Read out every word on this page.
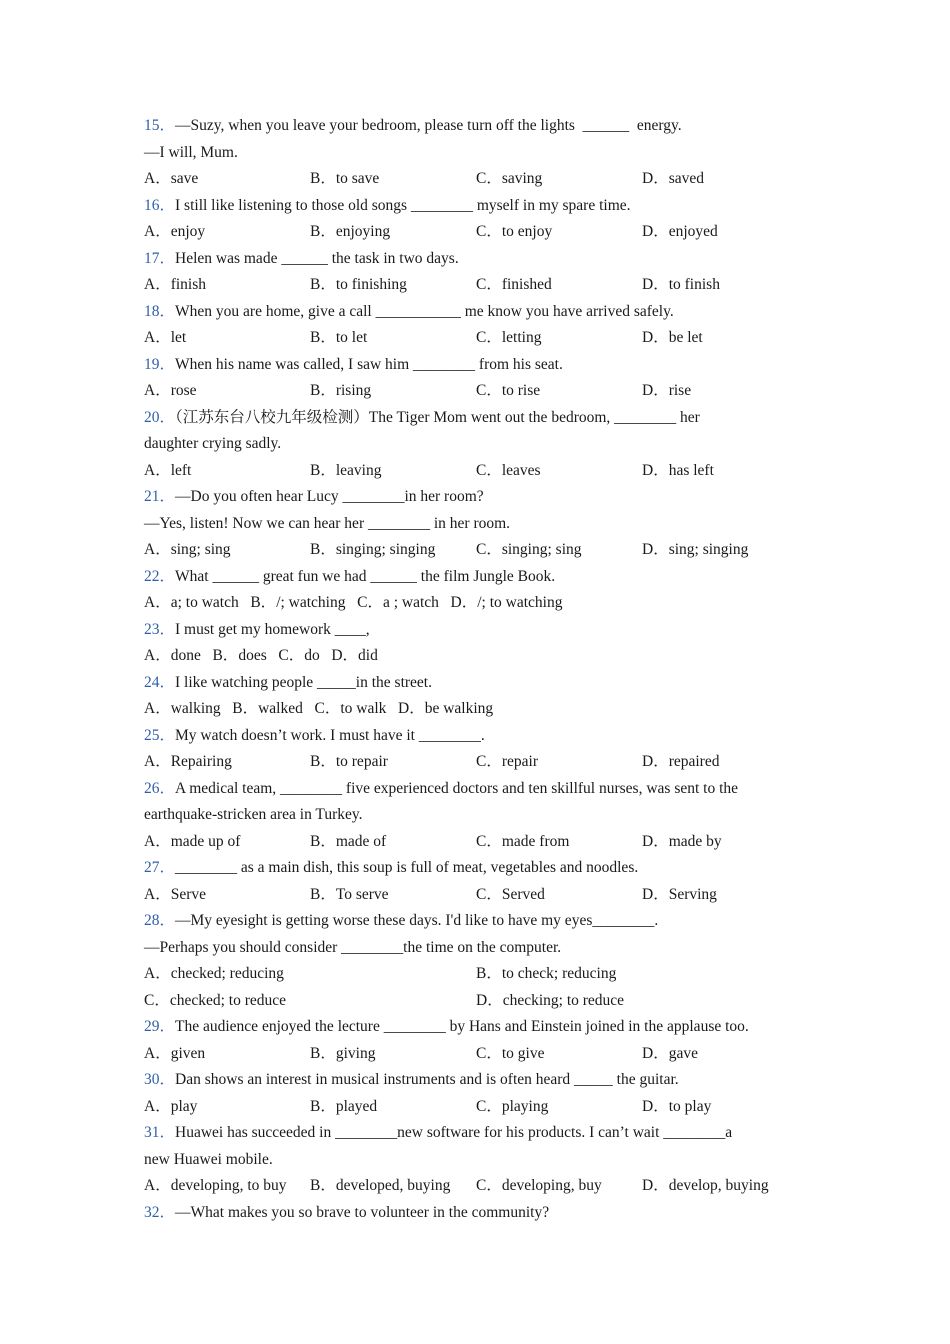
15．—Suzy, when you leave your bedroom, please turn off the lights  ______  energy.
—I will, Mum.
A．save	B．to save	C．saving	D．saved
16．I still like listening to those old songs ________ myself in my spare time.
A．enjoy	B．enjoying	C．to enjoy	D．enjoyed
17．Helen was made ______ the task in two days.
A．finish	B．to finishing	C．finished	D．to finish
18．When you are home, give a call ___________ me know you have arrived safely.
A．let	B．to let	C．letting	D．be let
19．When his name was called, I saw him ________ from his seat.
A．rose	B．rising	C．to rise	D．rise
20．（江苏东台八校九年级检测）The Tiger Mom went out the bedroom, ________ her
daughter crying sadly.
A．left	B．leaving	C．leaves	D．has left
21．—Do you often hear Lucy ________in her room?
—Yes, listen! Now we can hear her ________ in her room.
A．sing; sing	B．singing; singing	C．singing; sing	D．sing; singing
22．What ______ great fun we had ______ the film Jungle Book.
A．a; to watch B．/; watching C．a ; watch D．/; to watching
23．I must get my homework ____,
A．done B．does C．do D．did
24．I like watching people _____in the street.
A．walking B．walked C．to walk D．be walking
25．My watch doesn’t work. I must have it ________.
A．Repairing	B．to repair	C．repair	D．repaired
26．A medical team, ________ five experienced doctors and ten skillful nurses, was sent to the
earthquake-stricken area in Turkey.
A．made up of	B．made of	C．made from	D．made by
27．________ as a main dish, this soup is full of meat, vegetables and noodles.
A．Serve	B．To serve	C．Served	D．Serving
28．—My eyesight is getting worse these days. I'd like to have my eyes________.
—Perhaps you should consider ________the time on the computer.
A．checked; reducing	B．to check; reducing
C．checked; to reduce	D．checking; to reduce
29．The audience enjoyed the lecture ________ by Hans and Einstein joined in the applause too.
A．given	B．giving	C．to give	D．gave
30．Dan shows an interest in musical instruments and is often heard _____ the guitar.
A．play	B．played	C．playing	D．to play
31．Huawei has succeeded in ________new software for his products. I can’t wait ________a
new Huawei mobile.
A．developing, to buy	B．developed, buying	C．developing, buy	D．develop, buying
32．—What makes you so brave to volunteer in the community?
